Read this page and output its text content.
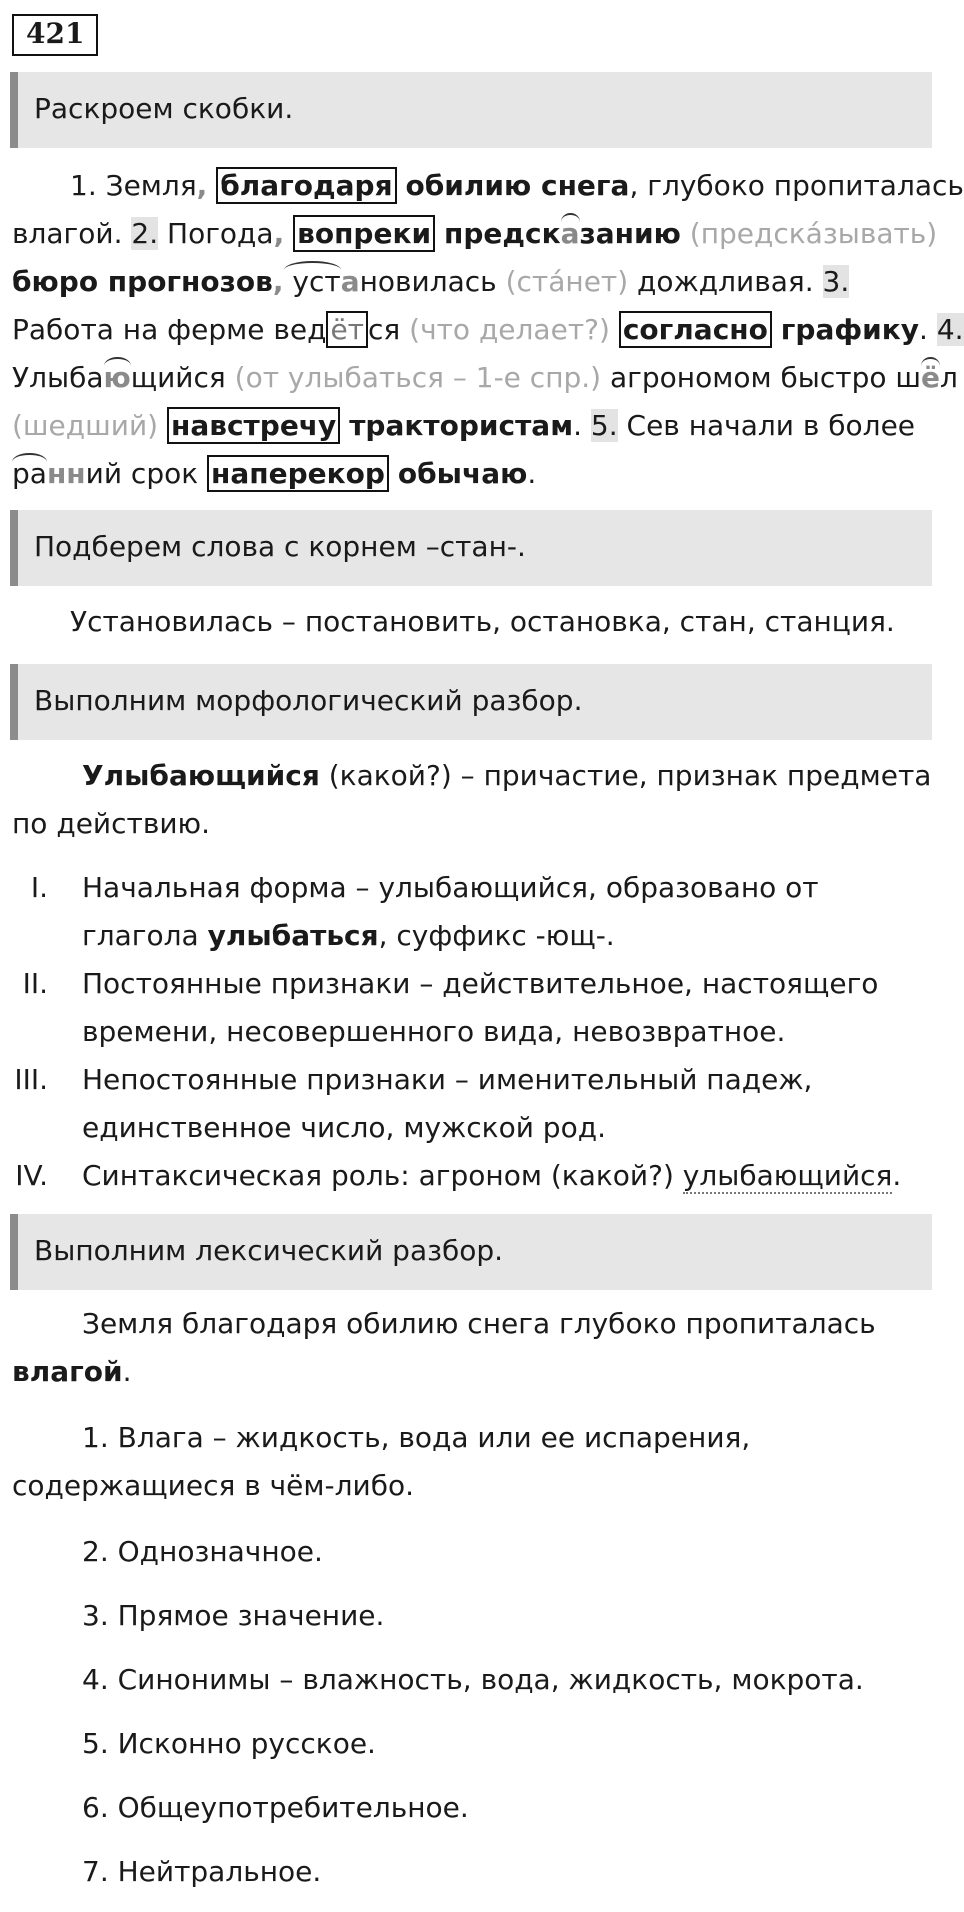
421
Раскроем скобки.
1. Земля, благодаря обилию снега, глубоко пропиталась
влагой. 2. Погода, вопреки предсказанию (предскáзывать)
бюро прогнозов, установилась (стáнет) дождливая. 3.
Работа на ферме вед ёт ся (что делает?) согласно графику. 4.
Улыбающийся (от улыбаться – 1-е спр.) агрономом быстро шёл
(шедший) навстречу трактористам. 5. Сев начали в более
ранний срок наперекор обычаю.
Подберем слова с корнем –стан-.
Установилась – постановить, остановка, стан, станция.
Выполним морфологический разбор.
Улыбающийся (какой?) – причастие, признак предмета
по действию.
I. Начальная форма – улыбающийся, образовано от
глагола улыбаться, суффикс -ющ-.
II. Постоянные признаки – действительное, настоящего
времени, несовершенного вида, невозвратное.
III. Непостоянные признаки – именительный падеж,
единственное число, мужской род.
IV. Синтаксическая роль: агроном (какой?) улыбающийся.
Выполним лексический разбор.
Земля благодаря обилию снега глубоко пропиталась
влагой.
1. Влага – жидкость, вода или ее испарения,
содержащиеся в чём-либо.
2. Однозначное.
3. Прямое значение.
4. Синонимы – влажность, вода, жидкость, мокрота.
5. Исконно русское.
6. Общеупотребительное.
7. Нейтральное.
